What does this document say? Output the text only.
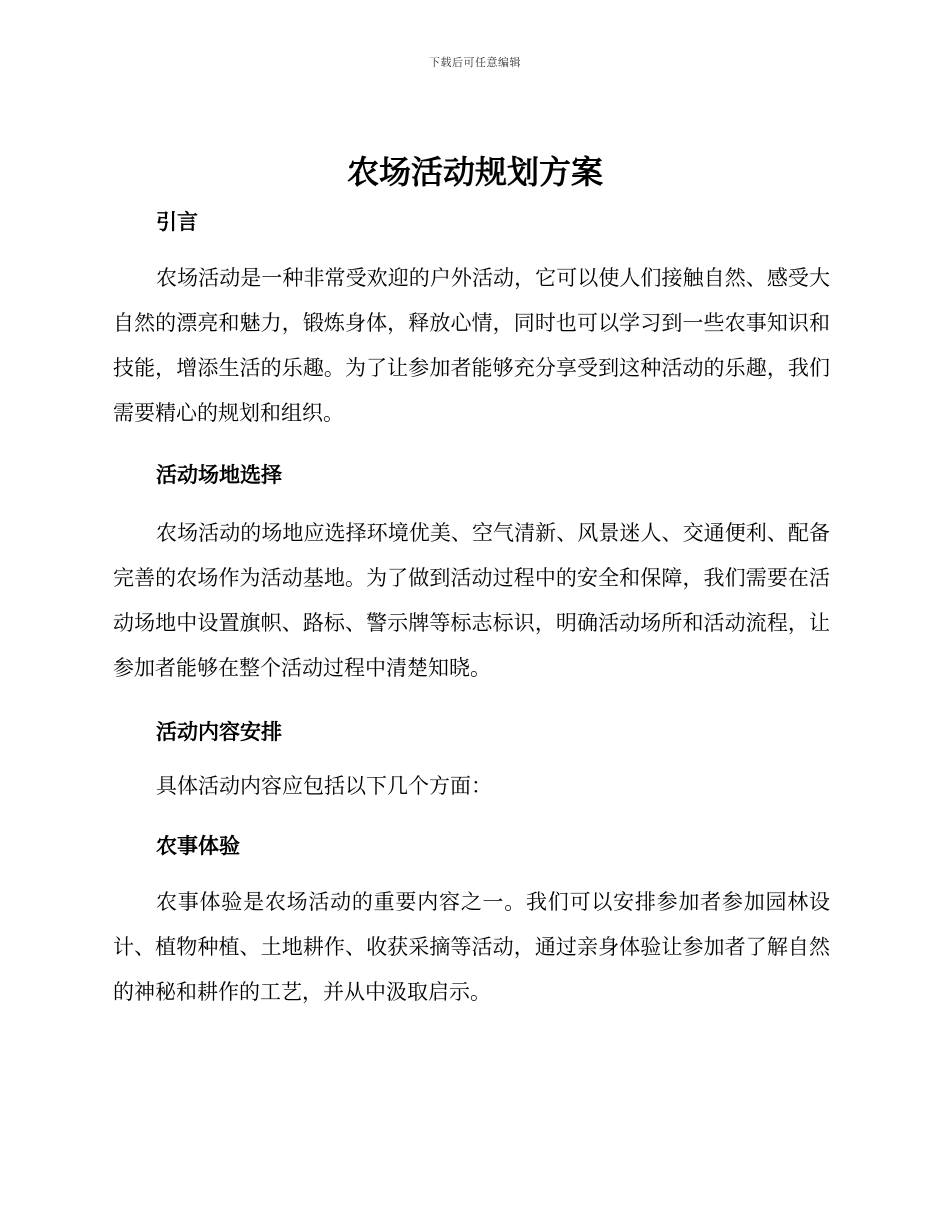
下载后可任意编辑
农场活动规划方案
引言

农场活动是一种非常受欢迎的户外活动，它可以使人们接触自然、感受大自然的漂亮和魅力，锻炼身体，释放心情，同时也可以学习到一些农事知识和技能，增添生活的乐趣。为了让参加者能够充分享受到这种活动的乐趣，我们需要精心的规划和组织。

活动场地选择

农场活动的场地应选择环境优美、空气清新、风景迷人、交通便利、配备完善的农场作为活动基地。为了做到活动过程中的安全和保障，我们需要在活动场地中设置旗帜、路标、警示牌等标志标识，明确活动场所和活动流程，让参加者能够在整个活动过程中清楚知晓。

活动内容安排

具体活动内容应包括以下几个方面：

农事体验

农事体验是农场活动的重要内容之一。我们可以安排参加者参加园林设计、植物种植、土地耕作、收获采摘等活动，通过亲身体验让参加者了解自然的神秘和耕作的工艺，并从中汲取启示。
